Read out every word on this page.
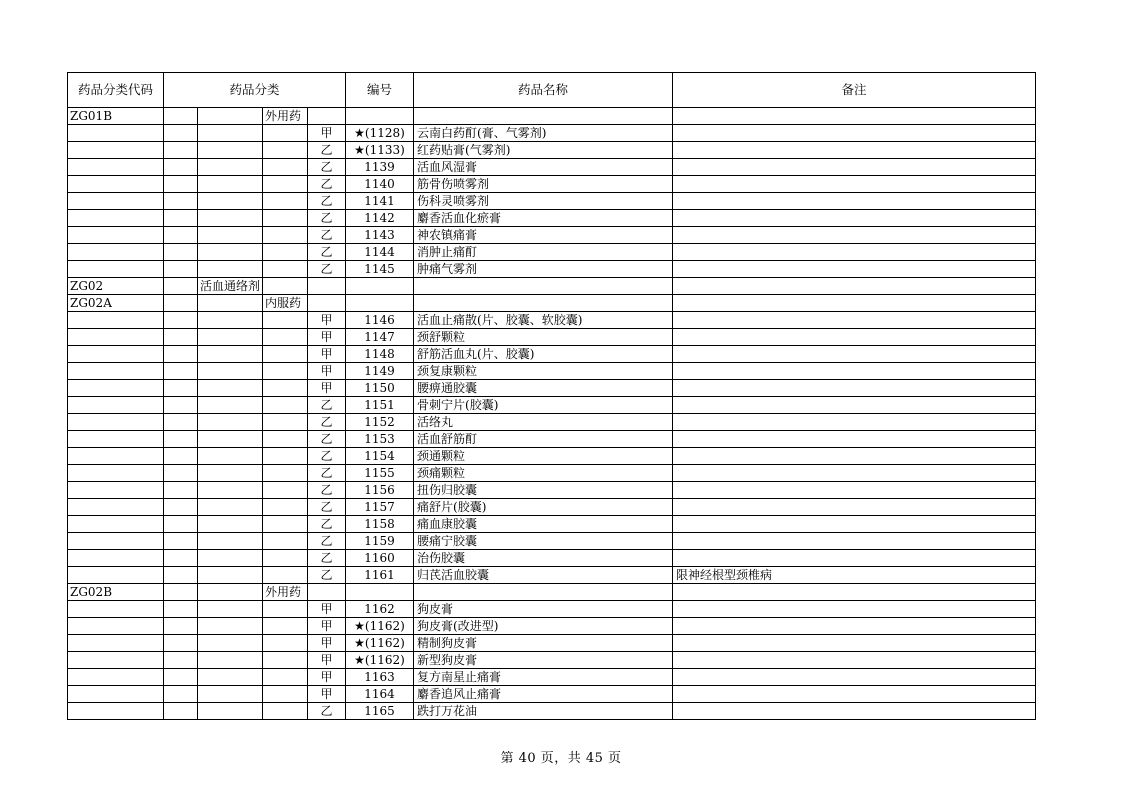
药品分类代码	药品分类				编号	药品名称	备注
ZG01B			外用药				
				甲	★(1128)	云南白药酊(膏、气雾剂)	
				乙	★(1133)	红药贴膏(气雾剂)	
				乙	1139	活血风湿膏	
				乙	1140	筋骨伤喷雾剂	
				乙	1141	伤科灵喷雾剂	
				乙	1142	麝香活血化瘀膏	
				乙	1143	神农镇痛膏	
				乙	1144	消肿止痛酊	
				乙	1145	肿痛气雾剂	
ZG02		活血通络剂					
ZG02A			内服药				
				甲	1146	活血止痛散(片、胶囊、软胶囊)	
				甲	1147	颈舒颗粒	
				甲	1148	舒筋活血丸(片、胶囊)	
				甲	1149	颈复康颗粒	
				甲	1150	腰痹通胶囊	
				乙	1151	骨刺宁片(胶囊)	
				乙	1152	活络丸	
				乙	1153	活血舒筋酊	
				乙	1154	颈通颗粒	
				乙	1155	颈痛颗粒	
				乙	1156	扭伤归胶囊	
				乙	1157	痛舒片(胶囊)	
				乙	1158	痛血康胶囊	
				乙	1159	腰痛宁胶囊	
				乙	1160	治伤胶囊	
				乙	1161	归芪活血胶囊	限神经根型颈椎病
ZG02B			外用药				
				甲	1162	狗皮膏	
				甲	★(1162)	狗皮膏(改进型)	
				甲	★(1162)	精制狗皮膏	
				甲	★(1162)	新型狗皮膏	
				甲	1163	复方南星止痛膏	
				甲	1164	麝香追风止痛膏	
				乙	1165	跌打万花油	
第 40 页，共 45 页
